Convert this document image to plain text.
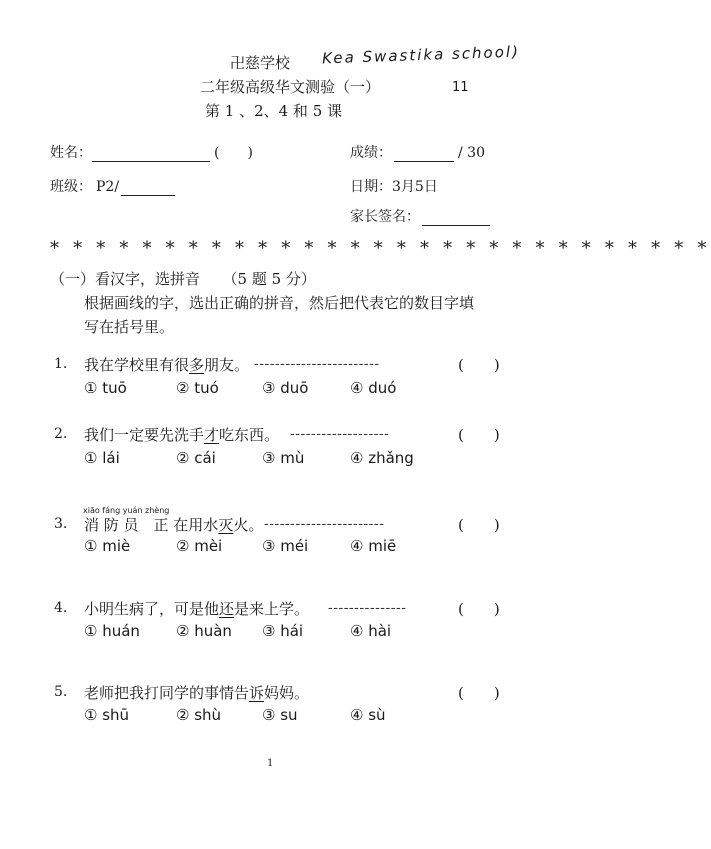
卍慈学校 Kea Swastika school)
11
二年级高级华文测验（一）
第 1 、2、4 和 5 课
姓名：	(　　)	成绩：	/ 30
班级： P2/	日期：3月5日
家长签名：
* * * * * * * * * * * * * * * * * * * * * * * * * * * * *
（一）看汉字，选拼音　　（5 题 5 分）
根据画线的字，选出正确的拼音，然后把代表它的数目字填
写在括号里。
1. 我在学校里有很多朋友。 ------------------------	(　　)
① tuō	② tuó	③ duō	④ duó
2. 我们一定要先洗手才吃东西。 -------------------	(　　)
① lái	② cái	③ mù	④ zhǎng
xiāo fáng yuán zhèng
3. 消 防 员　正 在用水灭火。 -----------------------	(　　)
① miè	② mèi	③ méi	④ miē
4. 小明生病了，可是他还是来上学。 ---------------	(　　)
① huán ② huàn ③ hái	④ hài
5. 老师把我打同学的事情告诉妈妈。	(　　)
① shū	② shù	③ su	④ sù
1
